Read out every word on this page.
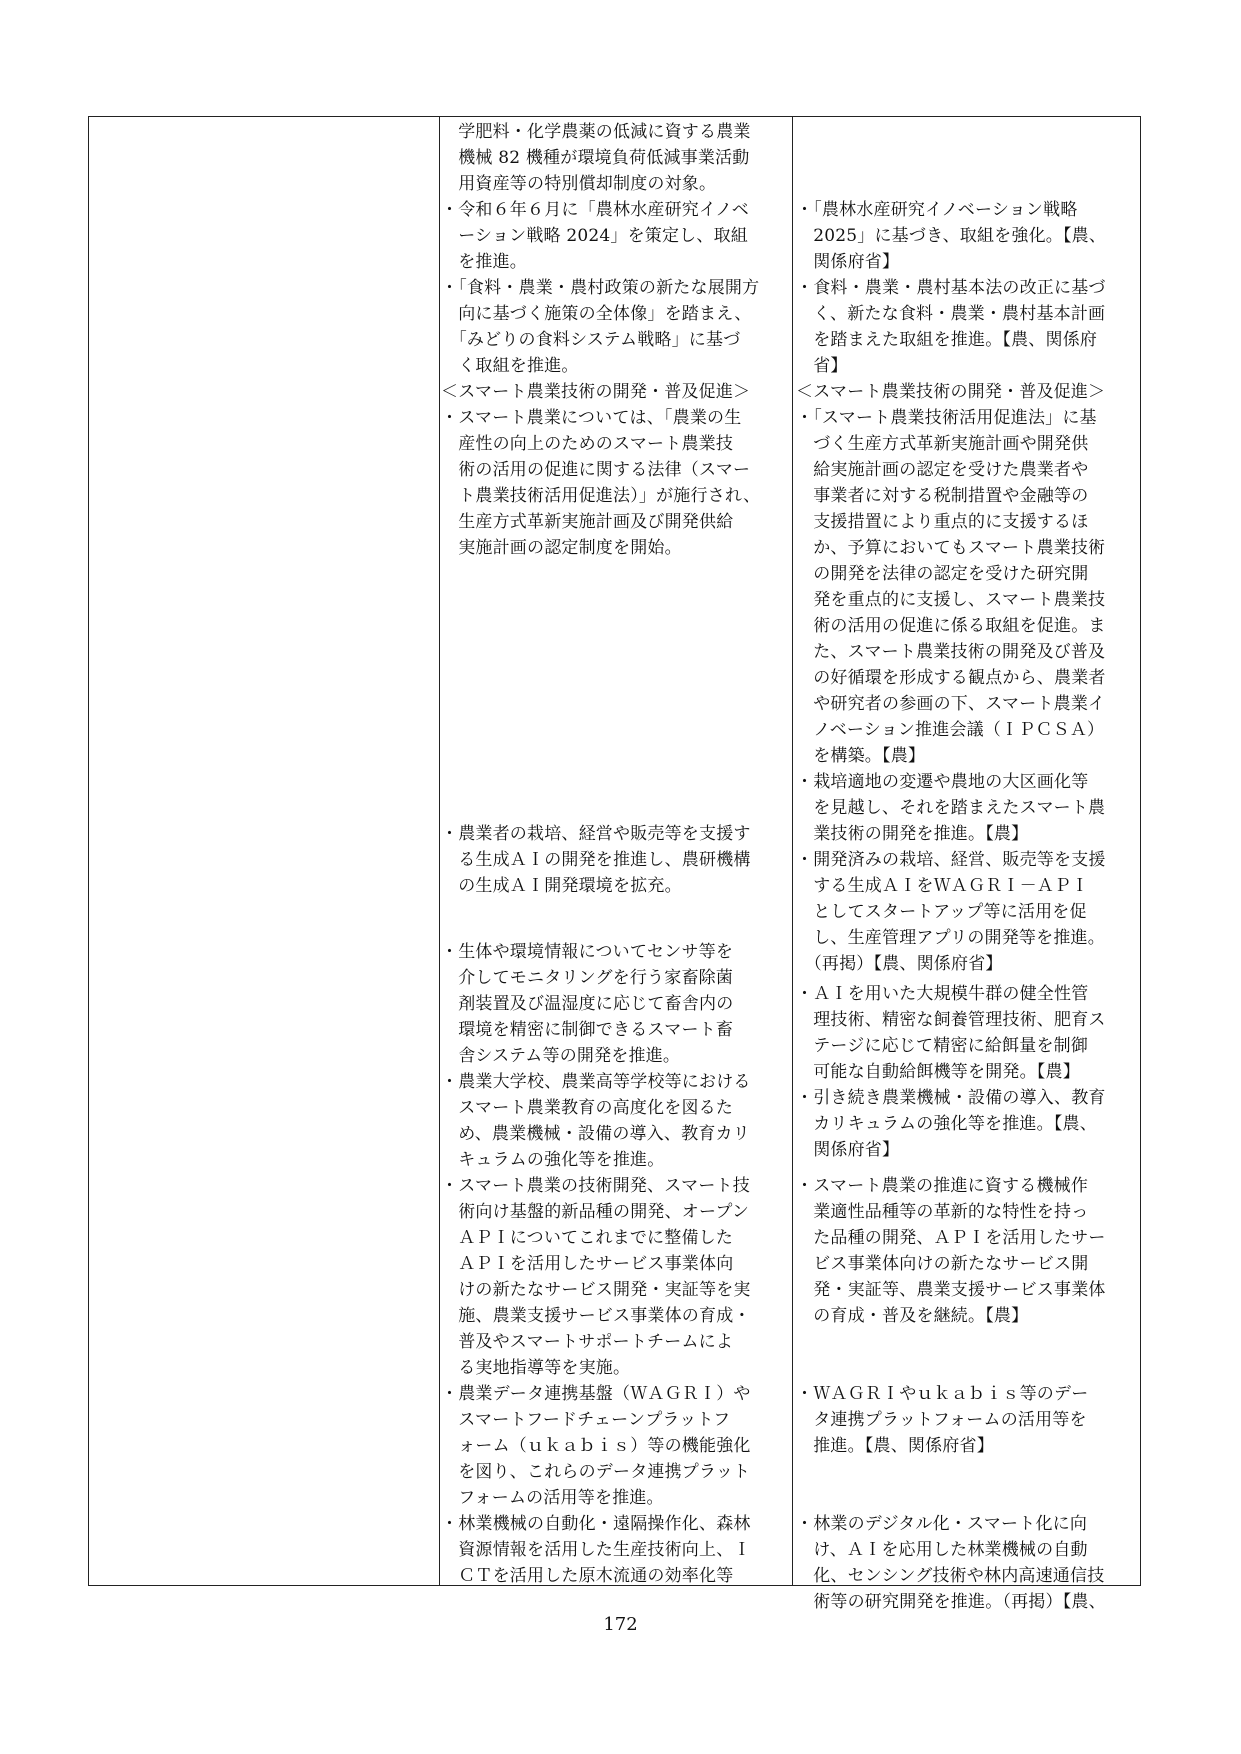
　学肥料・化学農薬の低減に資する農業
　機械 82 機種が環境負荷低減事業活動
　用資産等の特別償却制度の対象。
・令和６年６月に「農林水産研究イノベ
　ーション戦略 2024」を策定し、取組
　を推進。
・「食料・農業・農村政策の新たな展開方
　向に基づく施策の全体像」を踏まえ、
　「みどりの食料システム戦略」に基づ
　く取組を推進。
＜スマート農業技術の開発・普及促進＞
・スマート農業については、「農業の生
　産性の向上のためのスマート農業技
　術の活用の促進に関する法律（スマー
　ト農業技術活用促進法）」が施行され、
　生産方式革新実施計画及び開発供給
　実施計画の認定制度を開始。
・農業者の栽培、経営や販売等を支援す
　る生成ＡＩの開発を推進し、農研機構
　の生成ＡＩ開発環境を拡充。
・生体や環境情報についてセンサ等を
　介してモニタリングを行う家畜除菌
　剤装置及び温湿度に応じて畜舎内の
　環境を精密に制御できるスマート畜
　舎システム等の開発を推進。
・農業大学校、農業高等学校等における
　スマート農業教育の高度化を図るた
　め、農業機械・設備の導入、教育カリ
　キュラムの強化等を推進。
・スマート農業の技術開発、スマート技
　術向け基盤的新品種の開発、オープン
　ＡＰＩについてこれまでに整備した
　ＡＰＩを活用したサービス事業体向
　けの新たなサービス開発・実証等を実
　施、農業支援サービス事業体の育成・
　普及やスマートサポートチームによ
　る実地指導等を実施。
・農業データ連携基盤（ＷＡＧＲＩ）や
　スマートフードチェーンプラットフ
　ォーム（ｕｋａｂｉｓ）等の機能強化
　を図り、これらのデータ連携プラット
　フォームの活用等を推進。
・林業機械の自動化・遠隔操作化、森林
　資源情報を活用した生産技術向上、Ｉ
　ＣＴを活用した原木流通の効率化等
・「農林水産研究イノベーション戦略
　2025」に基づき、取組を強化。【農、
　関係府省】
・食料・農業・農村基本法の改正に基づ
　く、新たな食料・農業・農村基本計画
　を踏まえた取組を推進。【農、関係府
　省】
＜スマート農業技術の開発・普及促進＞
・「スマート農業技術活用促進法」に基
　づく生産方式革新実施計画や開発供
　給実施計画の認定を受けた農業者や
　事業者に対する税制措置や金融等の
　支援措置により重点的に支援するほ
　か、予算においてもスマート農業技術
　の開発を法律の認定を受けた研究開
　発を重点的に支援し、スマート農業技
　術の活用の促進に係る取組を促進。ま
　た、スマート農業技術の開発及び普及
　の好循環を形成する観点から、農業者
　や研究者の参画の下、スマート農業イ
　ノベーション推進会議（ＩＰＣＳＡ）
　を構築。【農】
・栽培適地の変遷や農地の大区画化等
　を見越し、それを踏まえたスマート農
　業技術の開発を推進。【農】
・開発済みの栽培、経営、販売等を支援
　する生成ＡＩをＷＡＧＲＩ－ＡＰＩ
　としてスタートアップ等に活用を促
　し、生産管理アプリの開発等を推進。
　（再掲）【農、関係府省】
・ＡＩを用いた大規模牛群の健全性管
　理技術、精密な飼養管理技術、肥育ス
　テージに応じて精密に給餌量を制御
　可能な自動給餌機等を開発。【農】
・引き続き農業機械・設備の導入、教育
　カリキュラムの強化等を推進。【農、
　関係府省】
・スマート農業の推進に資する機械作
　業適性品種等の革新的な特性を持っ
　た品種の開発、ＡＰＩを活用したサー
　ビス事業体向けの新たなサービス開
　発・実証等、農業支援サービス事業体
　の育成・普及を継続。【農】
・ＷＡＧＲＩやｕｋａｂｉｓ等のデー
　タ連携プラットフォームの活用等を
　推進。【農、関係府省】
・林業のデジタル化・スマート化に向
　け、ＡＩを応用した林業機械の自動
　化、センシング技術や林内高速通信技
　術等の研究開発を推進。（再掲）【農、
172
